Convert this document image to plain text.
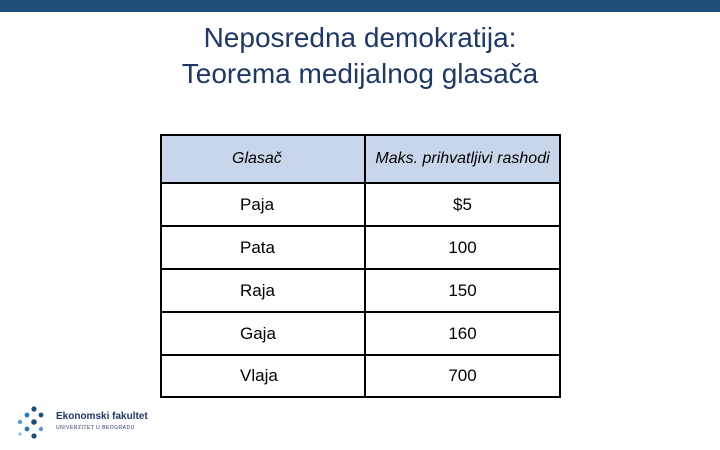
Neposredna demokratija:
Teorema medijalnog glasača
Glasač	Maks. prihvatljivi rashodi
Paja	$5
Pata	100
Raja	150
Gaja	160
Vlaja	700
Ekonomski fakultet
UNIVERZITET U BEOGRADU
